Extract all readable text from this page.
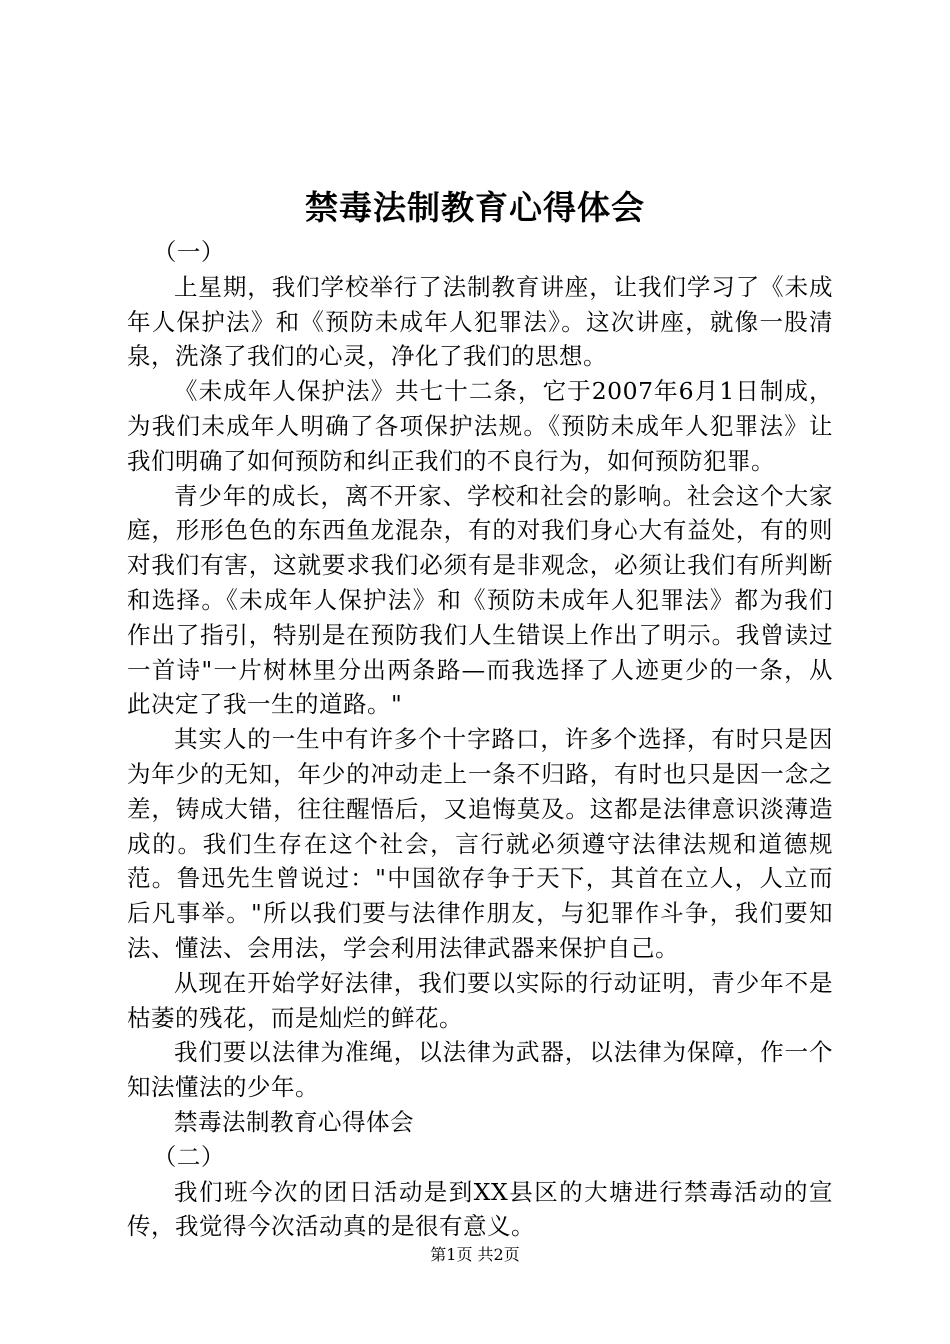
禁毒法制教育心得体会

（一）

上星期，我们学校举行了法制教育讲座，让我们学习了《未成年人保护法》和《预防未成年人犯罪法》。这次讲座，就像一股清泉，洗涤了我们的心灵，净化了我们的思想。

《未成年人保护法》共七十二条，它于2007年6月1日制成，为我们未成年人明确了各项保护法规。《预防未成年人犯罪法》让我们明确了如何预防和纠正我们的不良行为，如何预防犯罪。

青少年的成长，离不开家、学校和社会的影响。社会这个大家庭，形形色色的东西鱼龙混杂，有的对我们身心大有益处，有的则对我们有害，这就要求我们必须有是非观念，必须让我们有所判断和选择。《未成年人保护法》和《预防未成年人犯罪法》都为我们作出了指引，特别是在预防我们人生错误上作出了明示。我曾读过一首诗"一片树林里分出两条路—而我选择了人迹更少的一条，从此决定了我一生的道路。"

其实人的一生中有许多个十字路口，许多个选择，有时只是因为年少的无知，年少的冲动走上一条不归路，有时也只是因一念之差，铸成大错，往往醒悟后，又追悔莫及。这都是法律意识淡薄造成的。我们生存在这个社会，言行就必须遵守法律法规和道德规范。鲁迅先生曾说过："中国欲存争于天下，其首在立人，人立而后凡事举。"所以我们要与法律作朋友，与犯罪作斗争，我们要知法、懂法、会用法，学会利用法律武器来保护自己。

从现在开始学好法律，我们要以实际的行动证明，青少年不是枯萎的残花，而是灿烂的鲜花。

我们要以法律为准绳，以法律为武器，以法律为保障，作一个知法懂法的少年。

禁毒法制教育心得体会

（二）

我们班今次的团日活动是到XX县区的大塘进行禁毒活动的宣传，我觉得今次活动真的是很有意义。

第1页 共2页
